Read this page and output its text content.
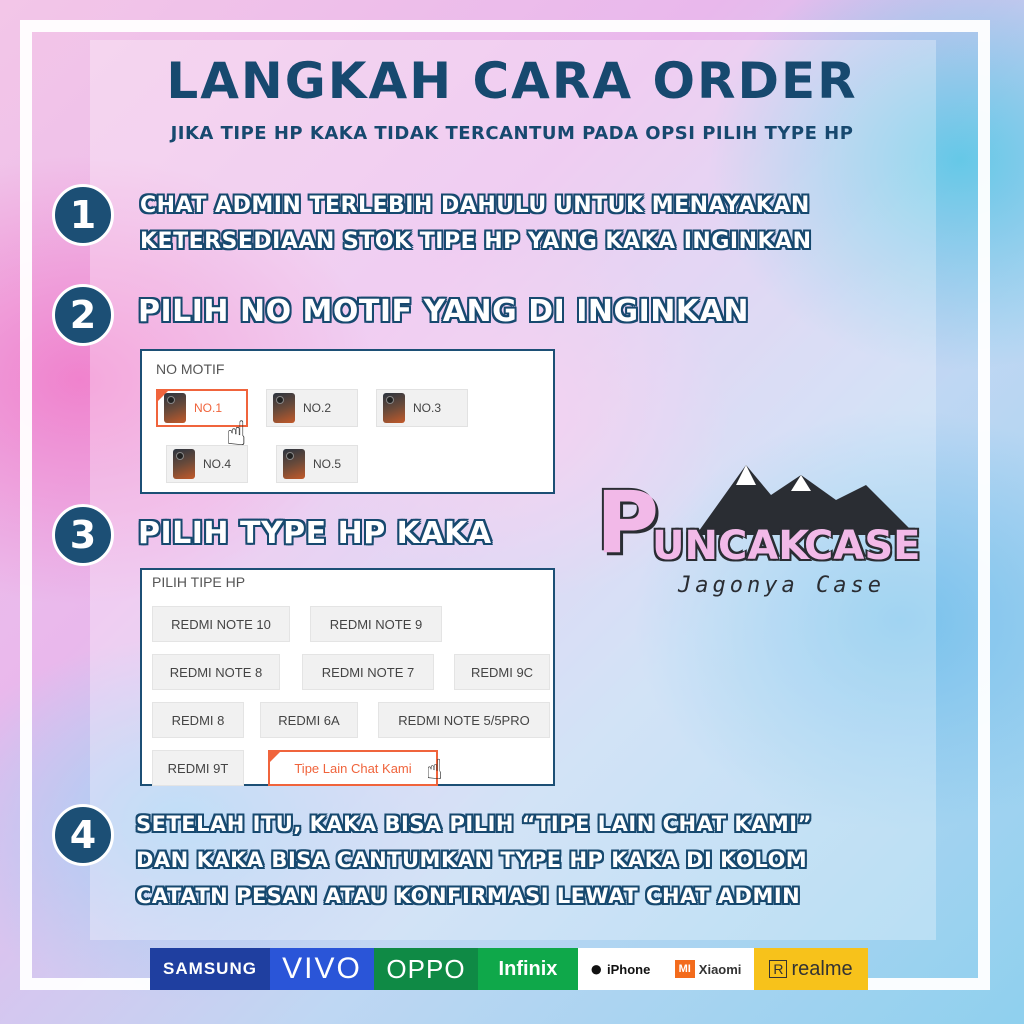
LANGKAH CARA ORDER
JIKA TIPE HP KAKA TIDAK TERCANTUM PADA OPSI PILIH TYPE HP
1	CHAT ADMIN TERLEBIH DAHULU UNTUK MENAYAKAN
KETERSEDIAAN STOK TIPE HP YANG KAKA INGINKAN
2	PILIH NO MOTIF YANG DI INGINKAN
NO MOTIF
NO.1	NO.2	NO.3
NO.4	NO.5
☝
3	PILIH TYPE HP KAKA
PILIH TIPE HP
REDMI NOTE 10	REDMI NOTE 9
REDMI NOTE 8	REDMI NOTE 7	REDMI 9C
REDMI 8	REDMI 6A	REDMI NOTE 5/5PRO
REDMI 9T	Tipe Lain Chat Kami ☝
P
UNCAK
CASE
Jagonya Case
4	SETELAH ITU, KAKA BISA PILIH “TIPE LAIN CHAT KAMI”
DAN KAKA BISA CANTUMKAN TYPE HP KAKA DI KOLOM
CATATN PESAN ATAU KONFIRMASI LEWAT CHAT ADMIN
SAMSUNG VIVO OPPO	Infinix	● iPhone	MI Xiaomi R realme
